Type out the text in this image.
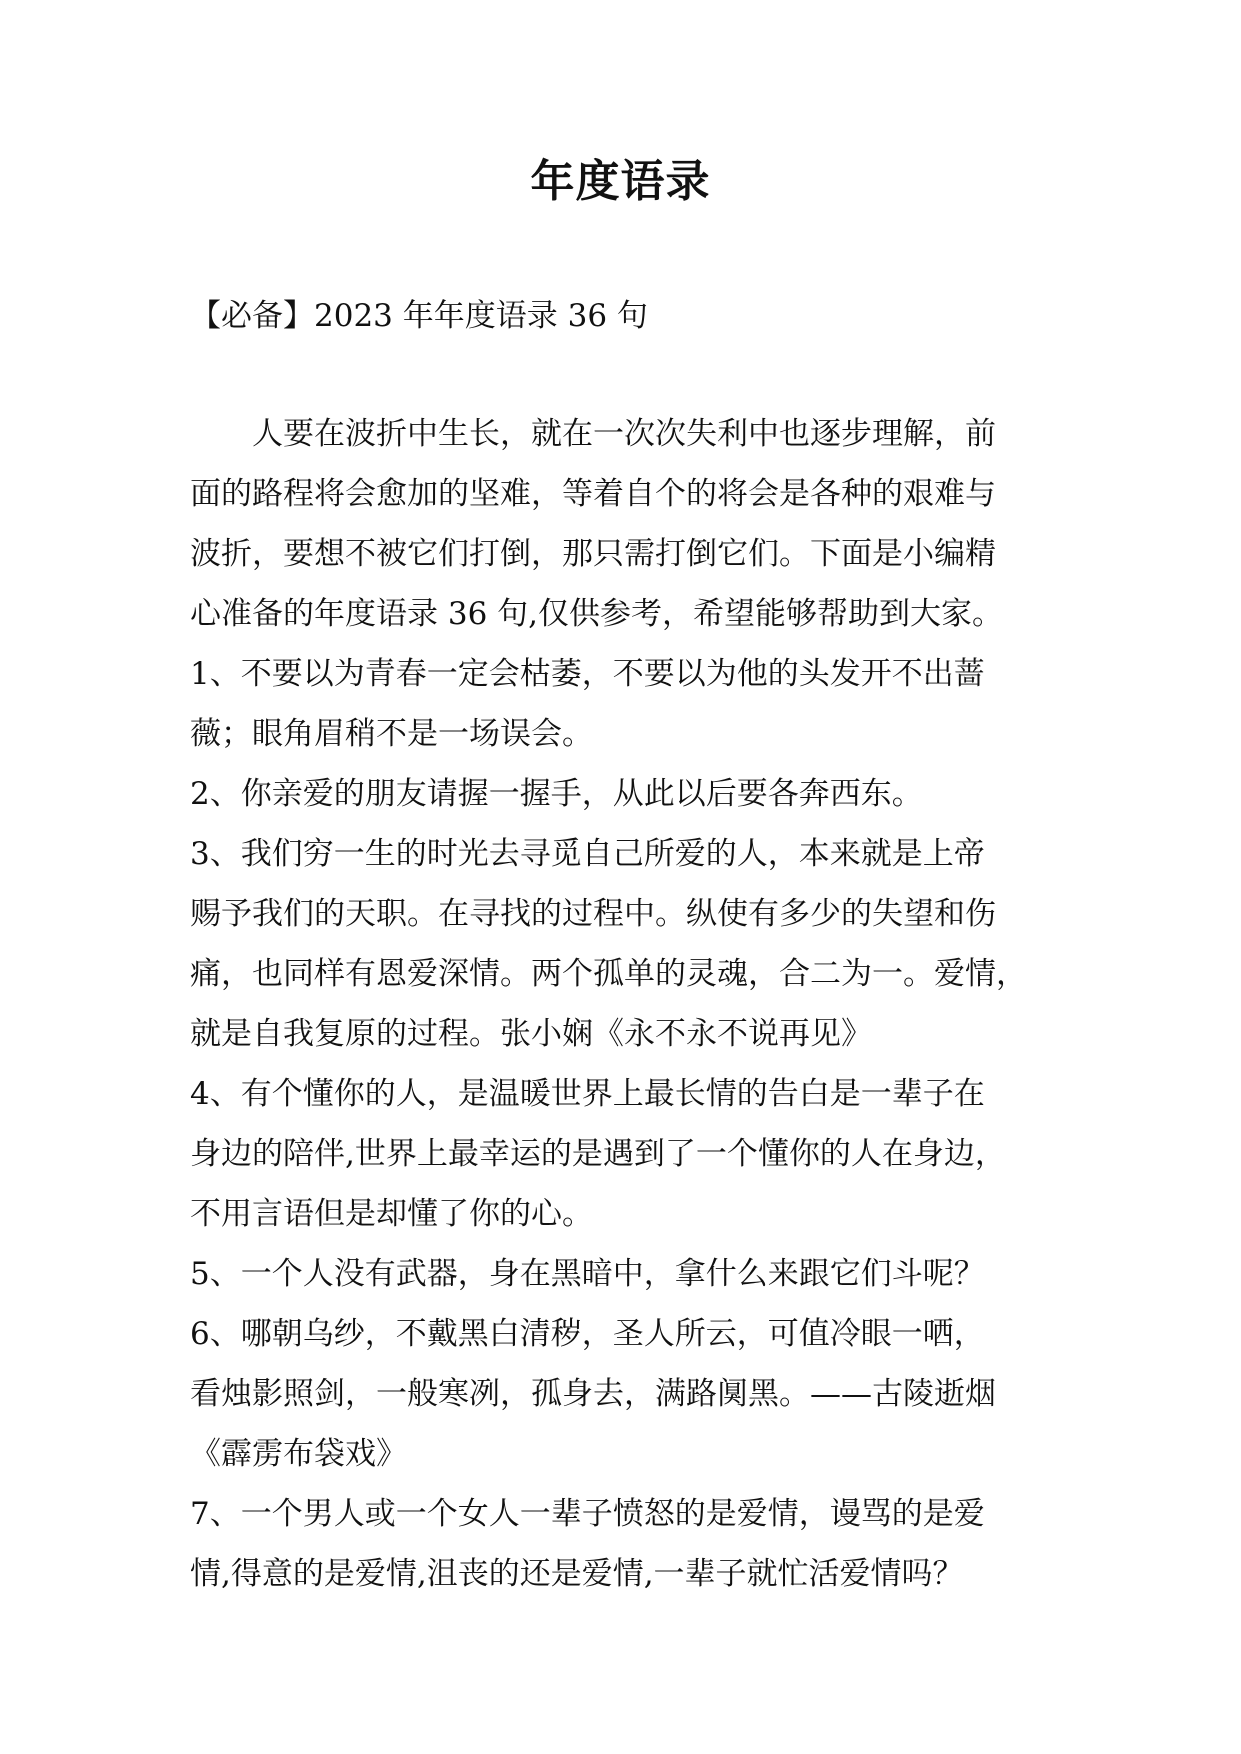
年度语录
【必备】2023 年年度语录 36 句
　　人要在波折中生长，就在一次次失利中也逐步理解，前
面的路程将会愈加的坚难，等着自个的将会是各种的艰难与
波折，要想不被它们打倒，那只需打倒它们。下面是小编精
心准备的年度语录 36 句,仅供参考，希望能够帮助到大家。
1、不要以为青春一定会枯萎，不要以为他的头发开不出蔷
薇；眼角眉稍不是一场误会。
2、你亲爱的朋友请握一握手，从此以后要各奔西东。
3、我们穷一生的时光去寻觅自己所爱的人，本来就是上帝
赐予我们的天职。在寻找的过程中。纵使有多少的失望和伤
痛，也同样有恩爱深情。两个孤单的灵魂，合二为一。爱情，
就是自我复原的过程。张小娴《永不永不说再见》
4、有个懂你的人，是温暖世界上最长情的告白是一辈子在
身边的陪伴,世界上最幸运的是遇到了一个懂你的人在身边，
不用言语但是却懂了你的心。
5、一个人没有武器，身在黑暗中，拿什么来跟它们斗呢？
6、哪朝乌纱，不戴黑白清秽，圣人所云，可值冷眼一哂，
看烛影照剑，一般寒冽，孤身去，满路阒黑。——古陵逝烟
《霹雳布袋戏》
7、一个男人或一个女人一辈子愤怒的是爱情，谩骂的是爱
情,得意的是爱情,沮丧的还是爱情,一辈子就忙活爱情吗？
